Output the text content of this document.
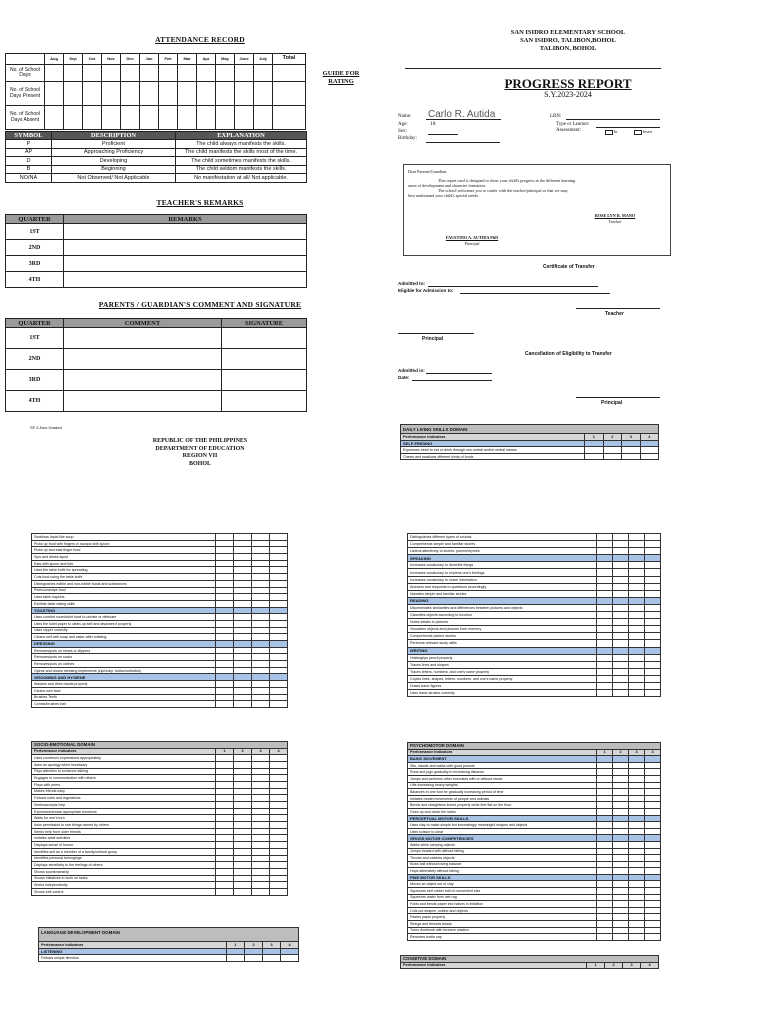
ATTENDANCE RECORD
	Aug	Sep	Oct	Nov	Dec	Jan	Feb	Mar	Apr	May	June	July	Total
No. of School Days													
No. of School Days Present													
No. of School Days Absent													
GUIDE FOR
RATING
SYMBOL	DESCRIPTION	EXPLANATION
P	Proficient	The child always manifests the skills.
AP	Approaching Proficiency	The child manifests the skills most of the time.
D	Developing	The child sometimes manifests the skills.
B	Beginning	The child seldom manifests the skills.
NO/NA	Not Observed/ Not Applicable	No manifestation at all/ Not applicable.
TEACHER'S REMARKS
QUARTER	REMARKS
1ST	
2ND	
3RD	
4TH	
PARENTS / GUARDIAN'S COMMENT AND SIGNATURE
QUARTER	COMMENT	SIGNATURE
1ST		
2ND		
3RD		
4TH		
SF 0-Non-Graded
REPUBLIC OF THE PHILIPPINES
DEPARTMENT OF EDUCATION
REGION VII
BOHOL
SAN ISIDRO ELEMENTARY SCHOOL
SAN ISIDRO, TALIBON,BOHOL
TALIBON, BOHOL
PROGRESS REPORT
S.Y.2023-2024
Name: Carlo R. Autida
Age:	18
Sex:
Birthday:
LRN:
Type or Learner:
Assessment:	In	Insert
Dear Parents/Guardian,
This report card is designed to show your child's progress in the different learning
areas of development and character formation.
The school welcomes you to confer with the teacher/principal so that we may
best understand your child's special needs.
ROSE LYN R. MANO
Teacher
FAUSTINO A. AUTIDA PhD
Principal
Certificate of Transfer
Admitted to:
Eligible for Admission to:
Teacher
Principal
Cancellation of Eligibility to Transfer
Admitted in:
Date:
Principal
DAILY LIVING SKILLS DOMAIN				
Performance Indicators	1	2	3	4
SELF-FEEDING				
Expresses need to eat or drink through non-verbal and/or verbal means				
Chews and swallows different kinds of foods				
Swallows liquid like soup				
Picks up food with fingers or scoops with spoon				
Picks up and eats finger food				
Sips and drinks liquid				
Eats with spoon and fork				
Uses the table knife for spreading				
Cuts food using the table knife				
Distinguishes edible and non-edible foods and substances				
Peels/unwraps food				
Uses table napkins				
Exhibits table eating skills				
TOILETING				
Uses comfort room/toilet bowl to urinate or defecate				
Uses the toilet paper to clean-up self and disposes it properly				
Uses zipper correctly				
Cleans self with soap and water after toileting				
DRESSING				
Removes/puts on shoes or slippers				
Removes/puts on socks				
Removes/puts on clothes				
Opens and closes dressing implements (zip/unzip, button/unbutton)				
GROOMING AND HYGIENE				
Washes and dries hands properly				
Cleans own face				
Brushes Teeth				
Combs/brushes hair				
SOCIO-EMOTIONAL DOMAIN				
Performance Indicators	1	2	3	4
Uses courteous expressions appropriately				
Asks an apology when necessary				
Pays attention to someone talking				
Engages in communication with others				
Plays with peers				
Makes friends easy				
Follows rules and regulations				
Seeks/accepts help				
Expresses/shows appropriate emotions				
Waits for one's turn				
Asks permission to use things owned by others				
Seeks help from older friends				
Imitates adult activities				
Displays sense of humor				
Identifies self as a member of a family/cultural group				
Identifies personal belongings				
Displays sensitivity to the feelings of others				
Shows sportsmanship				
Shows initiatives to work on tasks				
Works independently				
Shows self-control				
LANGUAGE DEVELOPMENT DOMAIN				
Performance Indicators	1	2	3	4
LISTENING				
Follows simple direction				
Distinguishes different types of sounds				
Comprehends simple and familiar stories				
Listens attentively to stories, poems/rhymes				
SPEAKING				
Increases vocabulary to describe things				
Increases vocabulary to express one's feelings				
Increases vocabulary to share information				
Answers and responds to questions accordingly				
Narrates simple and familiar stories				
READING				
Discriminates similarities and differences between pictures and objects				
Classifies objects according to function				
Notes details in pictures				
Visualizes objects and pictures from memory				
Comprehends picture stories				
Performs relevant study skills				
WRITING				
Holds/grips pencil properly				
Traces lines and shapes				
Traces letters, numbers, and one's name properly				
Copies lines, shapes, letters, numbers, and one's name properly				
Draws basic figures				
Uses basic strokes correctly				
PSYCHOMOTOR DOMAIN				
Performance Indicators	1	2	3	4
BASIC MOVEMENT				
Sits, stands and walks with good posture				
Runs and jogs gradually in increasing distance				
Jumps and performs other exercises with or without music				
Lifts increasing heavy weights				
Balances in one foot for gradually increasing period of time				
Imitates model movements of people and animals				
Bends and straightens knees properly while feet flat on the floor				
Goes up and down the stairs				
PERCEPTUAL MOTOR SKILLS				
Uses clay to make simple but increasingly meaningful shapes and objects				
Uses scissor to clear				
GROSS MOTOR COMPETENCIES				
Walks while carrying objects				
Jumps forward with without falling				
Throws and catches objects				
Kicks ball without losing balance				
Hops alternately without falling				
FINE MOTOR SKILLS				
Moves an object out of clay				
Squeezes self rubber ball of convenient size				
Squeezes water from wet rag				
Folds and bends paper into halves in imitation				
Cuts out shapes, outline and objects				
Pastes paper properly				
Strings and threads beads				
Turns doorknob with forearm rotation				
Removes bottle cap				
COGNITIVE DOMAIN
Performance Indicators	1	2	3	4
